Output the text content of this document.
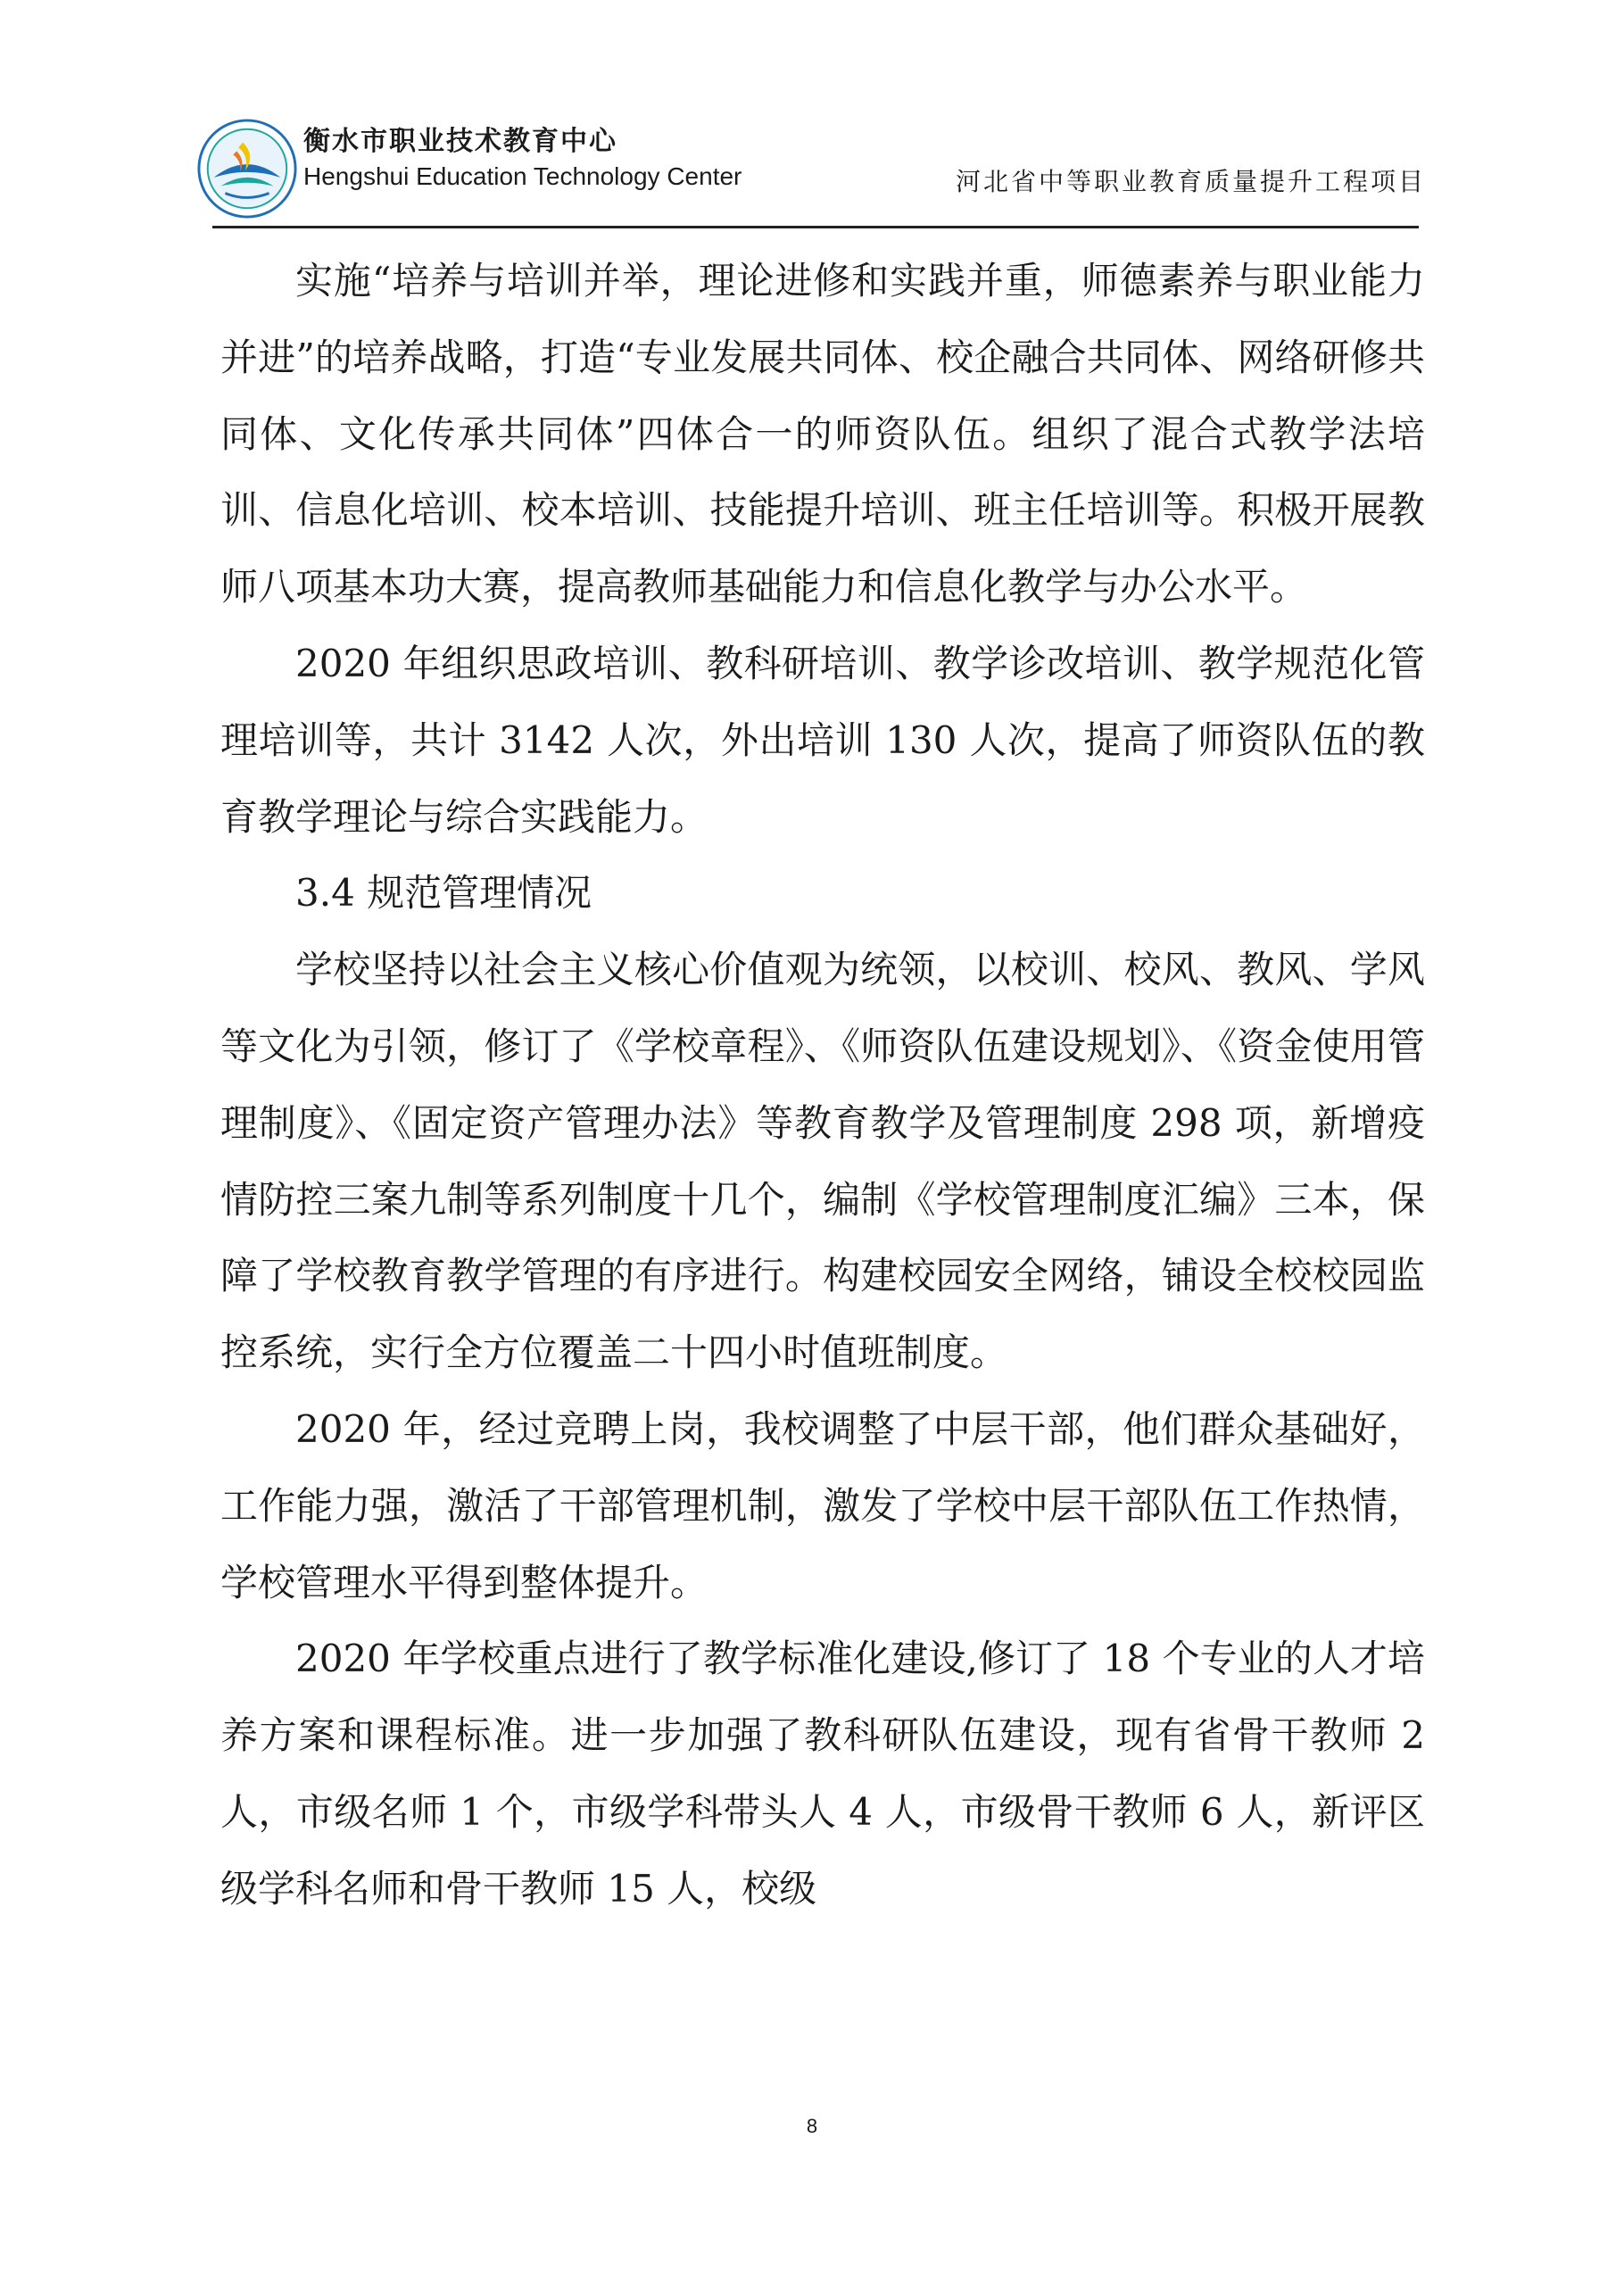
衡水市职业技术教育中心
Hengshui Education Technology Center	河北省中等职业教育质量提升工程项目

实施“培养与培训并举，理论进修和实践并重，师德素养与职业能力并进”的培养战略，打造“专业发展共同体、校企融合共同体、网络研修共同体、文化传承共同体”四体合一的师资队伍。组织了混合式教学法培训、信息化培训、校本培训、技能提升培训、班主任培训等。积极开展教师八项基本功大赛，提高教师基础能力和信息化教学与办公水平。

2020 年组织思政培训、教科研培训、教学诊改培训、教学规范化管理培训等，共计 3142 人次，外出培训 130 人次，提高了师资队伍的教育教学理论与综合实践能力。

3.4 规范管理情况

学校坚持以社会主义核心价值观为统领，以校训、校风、教风、学风等文化为引领，修订了《学校章程》、《师资队伍建设规划》、《资金使用管理制度》、《固定资产管理办法》等教育教学及管理制度 298 项，新增疫情防控三案九制等系列制度十几个，编制《学校管理制度汇编》三本，保障了学校教育教学管理的有序进行。构建校园安全网络，铺设全校校园监控系统，实行全方位覆盖二十四小时值班制度。

2020 年，经过竞聘上岗，我校调整了中层干部，他们群众基础好，工作能力强，激活了干部管理机制，激发了学校中层干部队伍工作热情，学校管理水平得到整体提升。

2020 年学校重点进行了教学标准化建设,修订了 18 个专业的人才培养方案和课程标准。进一步加强了教科研队伍建设，现有省骨干教师 2 人，市级名师 1 个，市级学科带头人 4 人，市级骨干教师 6 人，新评区级学科名师和骨干教师 15 人，校级

8
